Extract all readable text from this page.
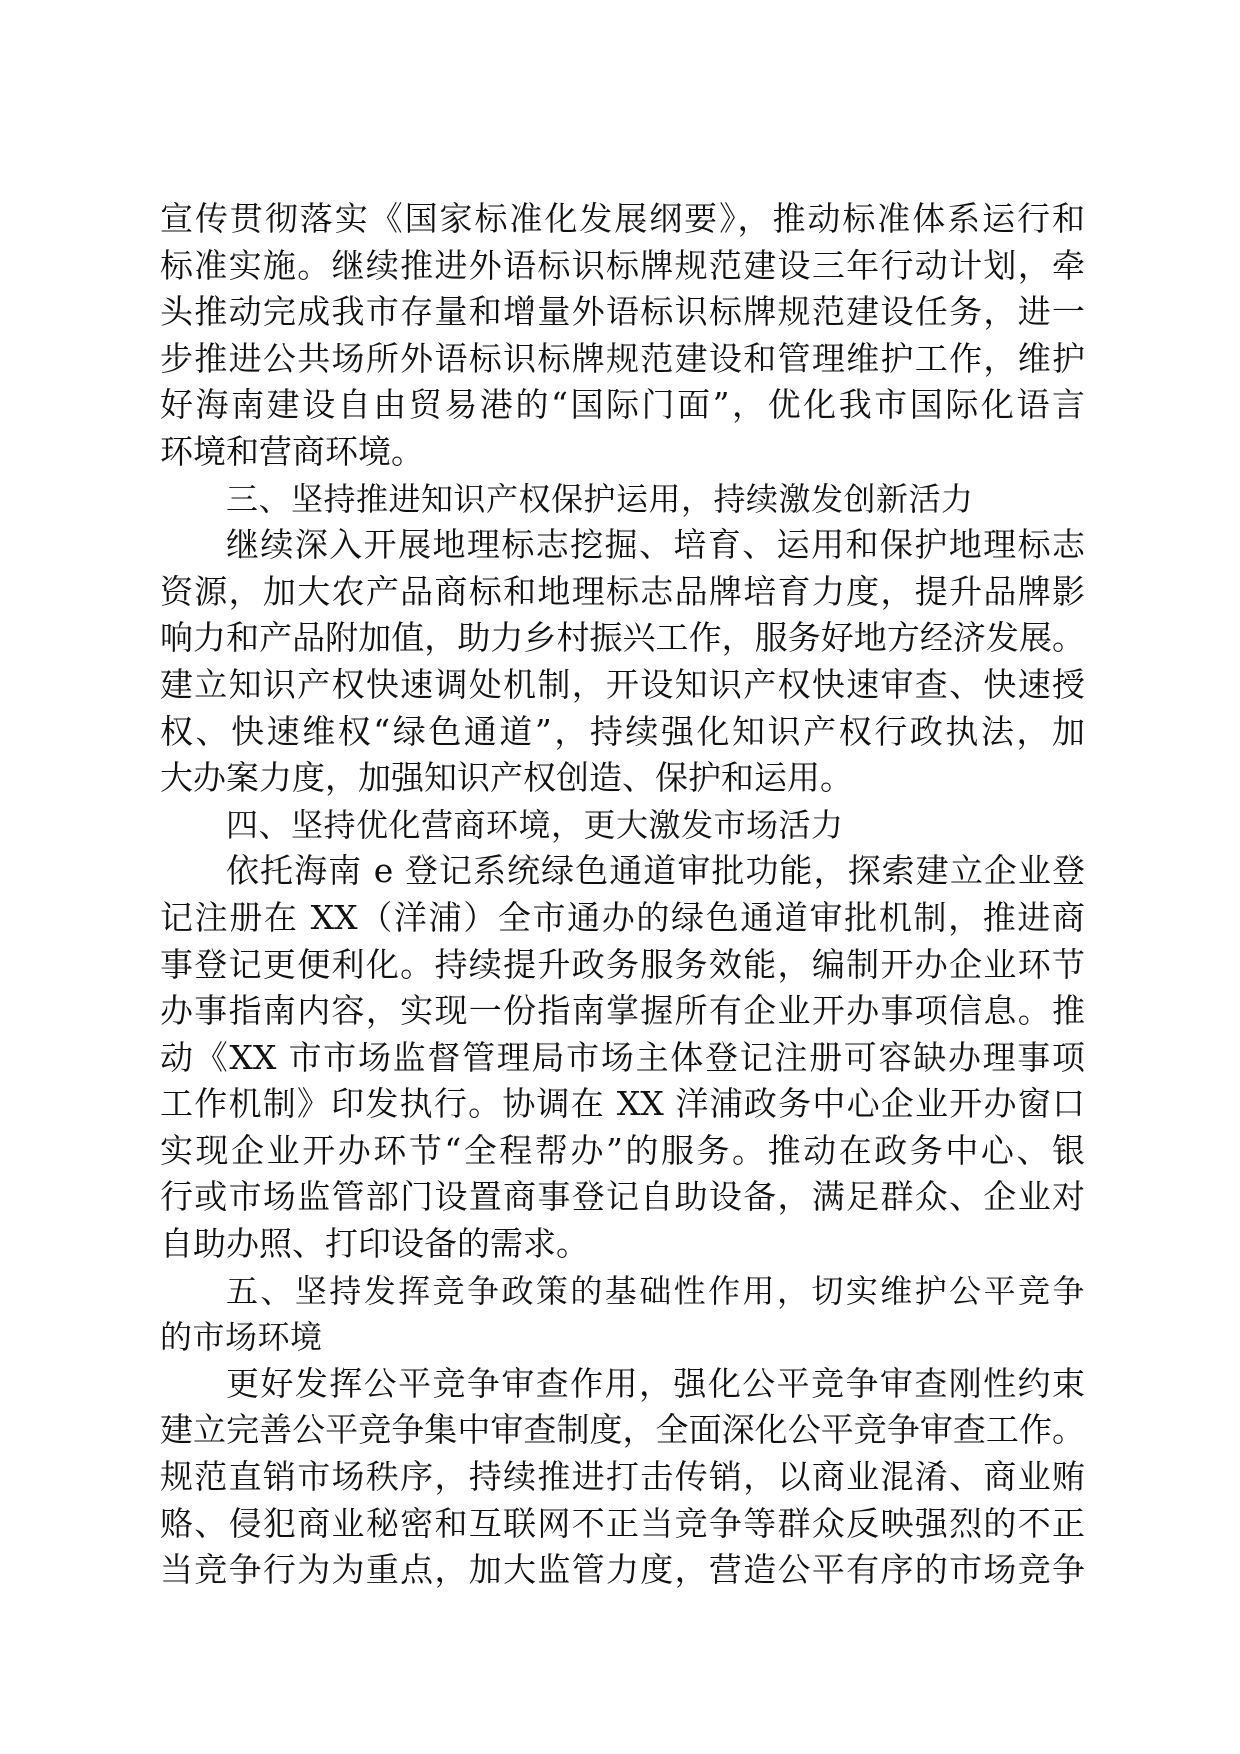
宣传贯彻落实《国家标准化发展纲要》，推动标准体系运行和
标准实施。继续推进外语标识标牌规范建设三年行动计划，牵
头推动完成我市存量和增量外语标识标牌规范建设任务，进一
步推进公共场所外语标识标牌规范建设和管理维护工作，维护
好海南建设自由贸易港的“国际门面”，优化我市国际化语言
环境和营商环境。
三、坚持推进知识产权保护运用，持续激发创新活力
继续深入开展地理标志挖掘、培育、运用和保护地理标志
资源，加大农产品商标和地理标志品牌培育力度，提升品牌影
响力和产品附加值，助力乡村振兴工作，服务好地方经济发展。
建立知识产权快速调处机制，开设知识产权快速审查、快速授
权、快速维权“绿色通道”，持续强化知识产权行政执法，加
大办案力度，加强知识产权创造、保护和运用。
四、坚持优化营商环境，更大激发市场活力
依托海南 e 登记系统绿色通道审批功能，探索建立企业登
记注册在 XX（洋浦）全市通办的绿色通道审批机制，推进商
事登记更便利化。持续提升政务服务效能，编制开办企业环节
办事指南内容，实现一份指南掌握所有企业开办事项信息。推
动《XX 市市场监督管理局市场主体登记注册可容缺办理事项
工作机制》印发执行。协调在 XX 洋浦政务中心企业开办窗口
实现企业开办环节“全程帮办”的服务。推动在政务中心、银
行或市场监管部门设置商事登记自助设备，满足群众、企业对
自助办照、打印设备的需求。
五、坚持发挥竞争政策的基础性作用，切实维护公平竞争
的市场环境
更好发挥公平竞争审查作用，强化公平竞争审查刚性约束
建立完善公平竞争集中审查制度，全面深化公平竞争审查工作。
规范直销市场秩序，持续推进打击传销，以商业混淆、商业贿
赂、侵犯商业秘密和互联网不正当竞争等群众反映强烈的不正
当竞争行为为重点，加大监管力度，营造公平有序的市场竞争
